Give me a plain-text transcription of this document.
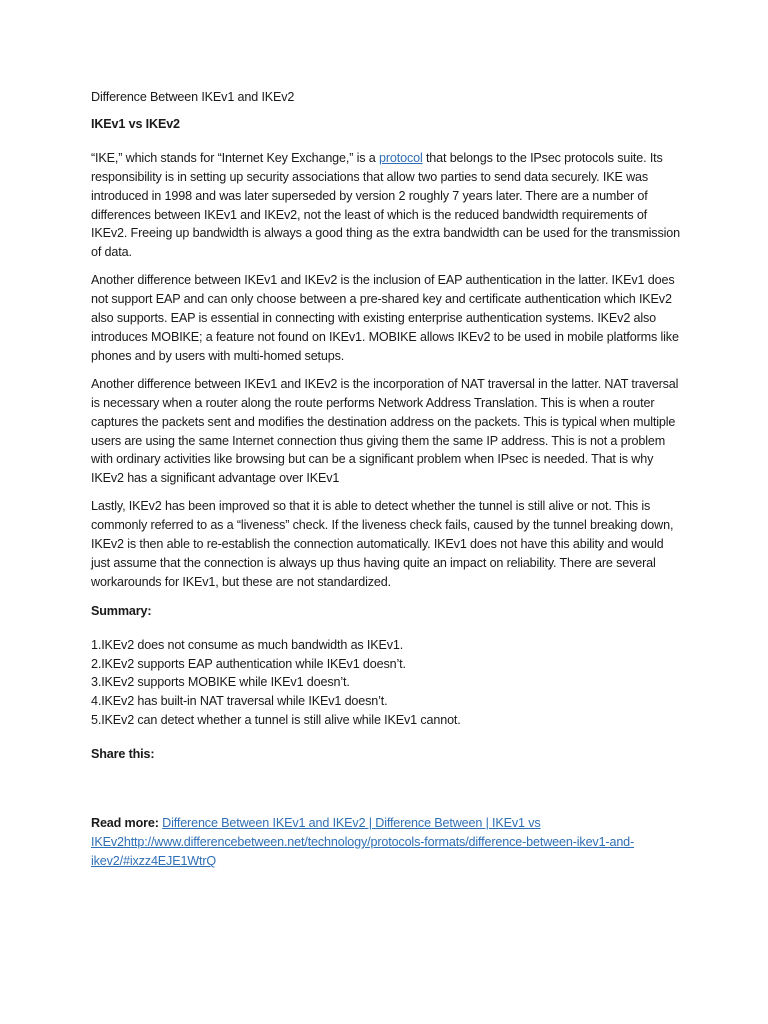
Difference Between IKEv1 and IKEv2

IKEv1 vs IKEv2

“IKE,” which stands for “Internet Key Exchange,” is a protocol that belongs to the IPsec protocols suite. Its responsibility is in setting up security associations that allow two parties to send data securely. IKE was introduced in 1998 and was later superseded by version 2 roughly 7 years later. There are a number of differences between IKEv1 and IKEv2, not the least of which is the reduced bandwidth requirements of IKEv2. Freeing up bandwidth is always a good thing as the extra bandwidth can be used for the transmission of data.

Another difference between IKEv1 and IKEv2 is the inclusion of EAP authentication in the latter. IKEv1 does not support EAP and can only choose between a pre-shared key and certificate authentication which IKEv2 also supports. EAP is essential in connecting with existing enterprise authentication systems. IKEv2 also introduces MOBIKE; a feature not found on IKEv1. MOBIKE allows IKEv2 to be used in mobile platforms like phones and by users with multi-homed setups.

Another difference between IKEv1 and IKEv2 is the incorporation of NAT traversal in the latter. NAT traversal is necessary when a router along the route performs Network Address Translation. This is when a router captures the packets sent and modifies the destination address on the packets. This is typical when multiple users are using the same Internet connection thus giving them the same IP address. This is not a problem with ordinary activities like browsing but can be a significant problem when IPsec is needed. That is why IKEv2 has a significant advantage over IKEv1

Lastly, IKEv2 has been improved so that it is able to detect whether the tunnel is still alive or not. This is commonly referred to as a “liveness” check. If the liveness check fails, caused by the tunnel breaking down, IKEv2 is then able to re-establish the connection automatically. IKEv1 does not have this ability and would just assume that the connection is always up thus having quite an impact on reliability. There are several workarounds for IKEv1, but these are not standardized.

Summary:

1.IKEv2 does not consume as much bandwidth as IKEv1.

2.IKEv2 supports EAP authentication while IKEv1 doesn’t.

3.IKEv2 supports MOBIKE while IKEv1 doesn’t.

4.IKEv2 has built-in NAT traversal while IKEv1 doesn’t.

5.IKEv2 can detect whether a tunnel is still alive while IKEv1 cannot.

Share this:

Read more: Difference Between IKEv1 and IKEv2 | Difference Between | IKEv1 vs IKEv2http://www.differencebetween.net/technology/protocols-formats/difference-between-ikev1-and-ikev2/#ixzz4EJE1WtrQ
